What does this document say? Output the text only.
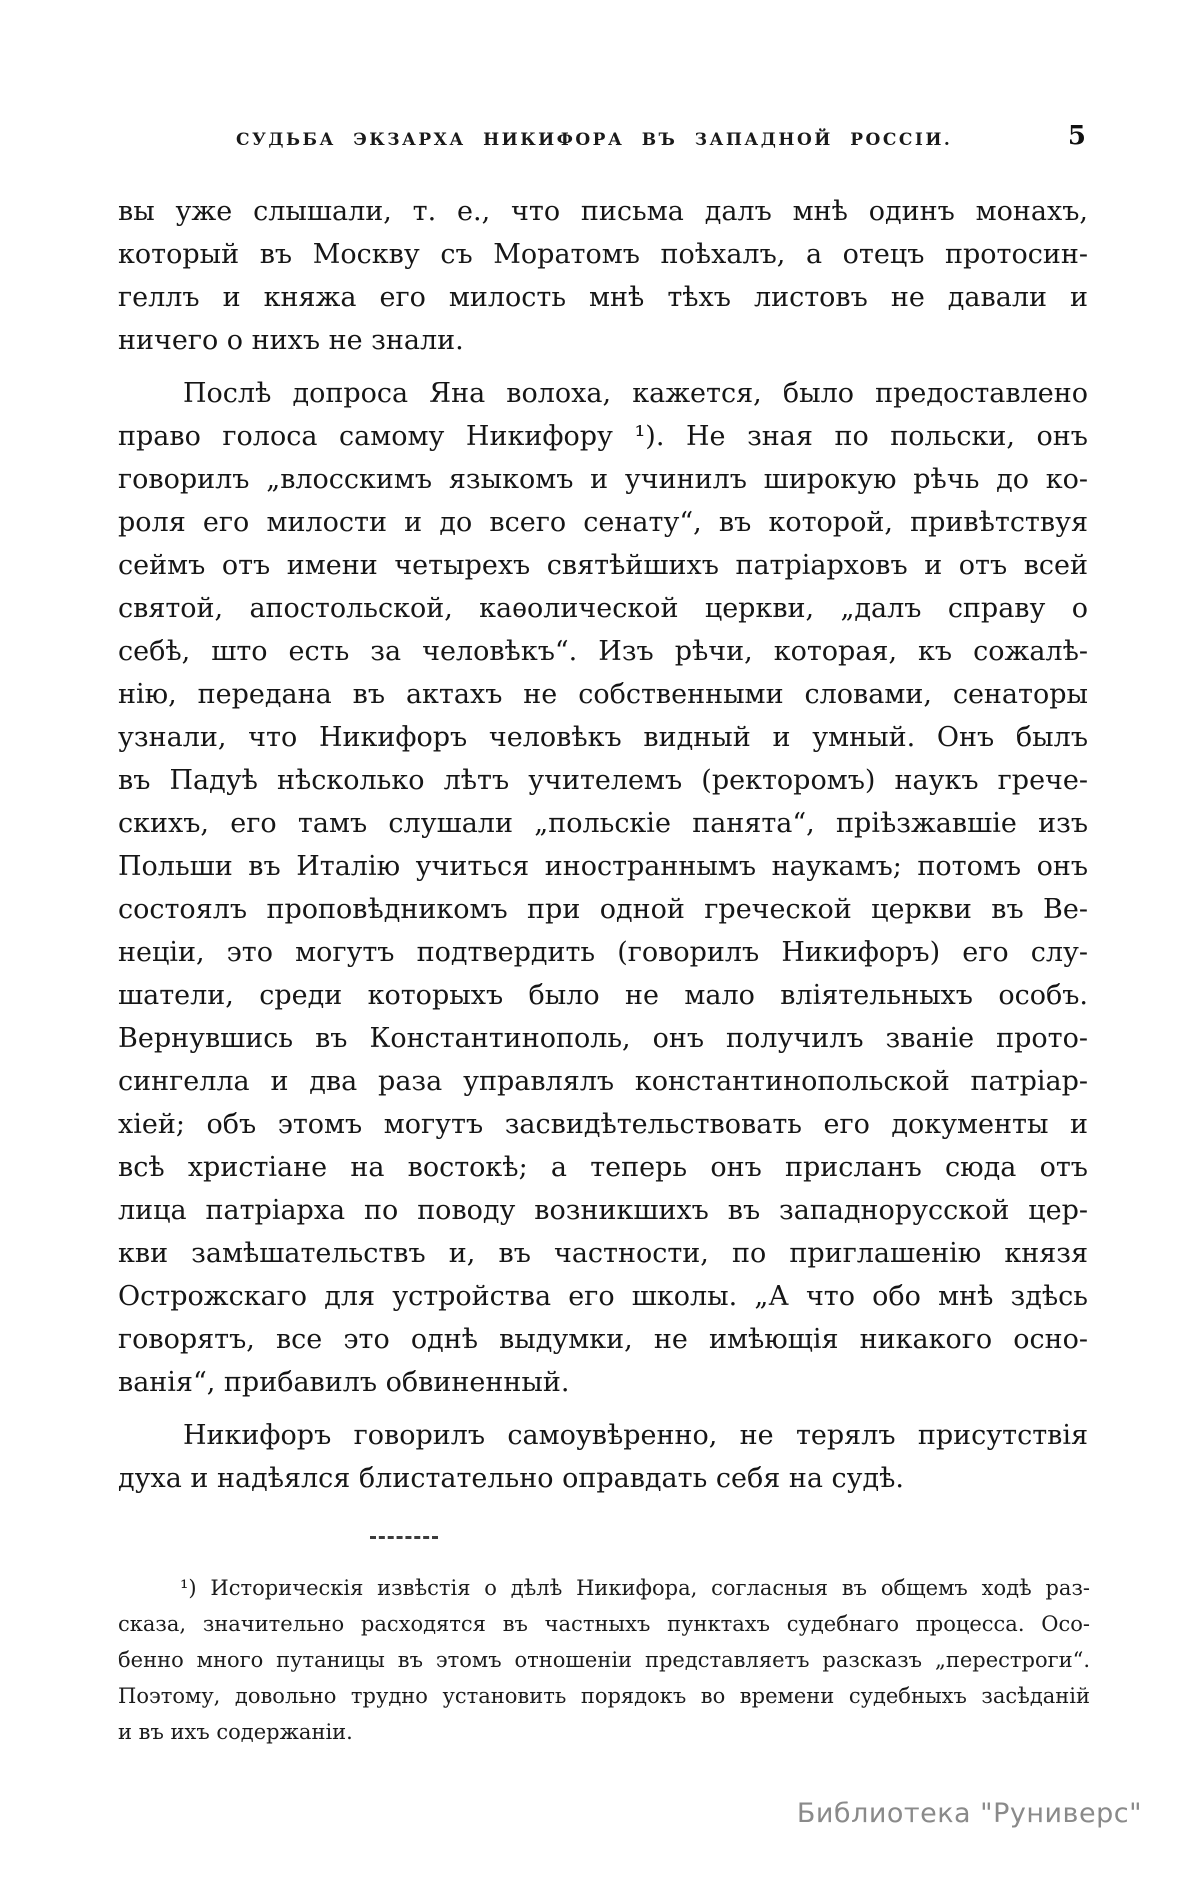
СУДЬБА ЭКЗАРХА НИКИФОРА ВЪ ЗАПАДНОЙ РОССІИ.	5
вы уже слышали, т. е., что письма далъ мнѣ одинъ монахъ,
который въ Москву съ Моратомъ поѣхалъ, а отецъ протосин-
геллъ и княжа его милость мнѣ тѣхъ листовъ не давали и
ничего о нихъ не знали.
Послѣ допроса Яна волоха, кажется, было предоставлено
право голоса самому Никифору ¹). Не зная по польски, онъ
говорилъ „влосскимъ языкомъ и учинилъ широкую рѣчь до ко-
роля его милости и до всего сенату“, въ которой, привѣтствуя
сеймъ отъ имени четырехъ святѣйшихъ патріарховъ и отъ всей
святой, апостольской, каѳолической церкви, „далъ справу о
себѣ, што есть за человѣкъ“. Изъ рѣчи, которая, къ сожалѣ-
нію, передана въ актахъ не собственными словами, сенаторы
узнали, что Никифоръ человѣкъ видный и умный. Онъ былъ
въ Падуѣ нѣсколько лѣтъ учителемъ (ректоромъ) наукъ грече-
скихъ, его тамъ слушали „польскіе панята“, пріѣзжавшіе изъ
Польши въ Италію учиться иностраннымъ наукамъ; потомъ онъ
состоялъ проповѣдникомъ при одной греческой церкви въ Ве-
неціи, это могутъ подтвердить (говорилъ Никифоръ) его слу-
шатели, среди которыхъ было не мало вліятельныхъ особъ.
Вернувшись въ Константинополь, онъ получилъ званіе прото-
сингелла и два раза управлялъ константинопольской патріар-
хіей; объ этомъ могутъ засвидѣтельствовать его документы и
всѣ христіане на востокѣ; а теперь онъ присланъ сюда отъ
лица патріарха по поводу возникшихъ въ западнорусской цер-
кви замѣшательствъ и, въ частности, по приглашенію князя
Острожскаго для устройства его школы. „А что обо мнѣ здѣсь
говорятъ, все это однѣ выдумки, не имѣющія никакого осно-
ванія“, прибавилъ обвиненный.
Никифоръ говорилъ самоувѣренно, не терялъ присутствія
духа и надѣялся блистательно оправдать себя на судѣ.
¹) Историческія извѣстія о дѣлѣ Никифора, согласныя въ общемъ ходѣ раз-
сказа, значительно расходятся въ частныхъ пунктахъ судебнаго процесса. Осо-
бенно много путаницы въ этомъ отношеніи представляетъ разсказъ „перестроги“.
Поэтому, довольно трудно установить порядокъ во времени судебныхъ засѣданій
и въ ихъ содержаніи.
Библиотека "Руниверс"
